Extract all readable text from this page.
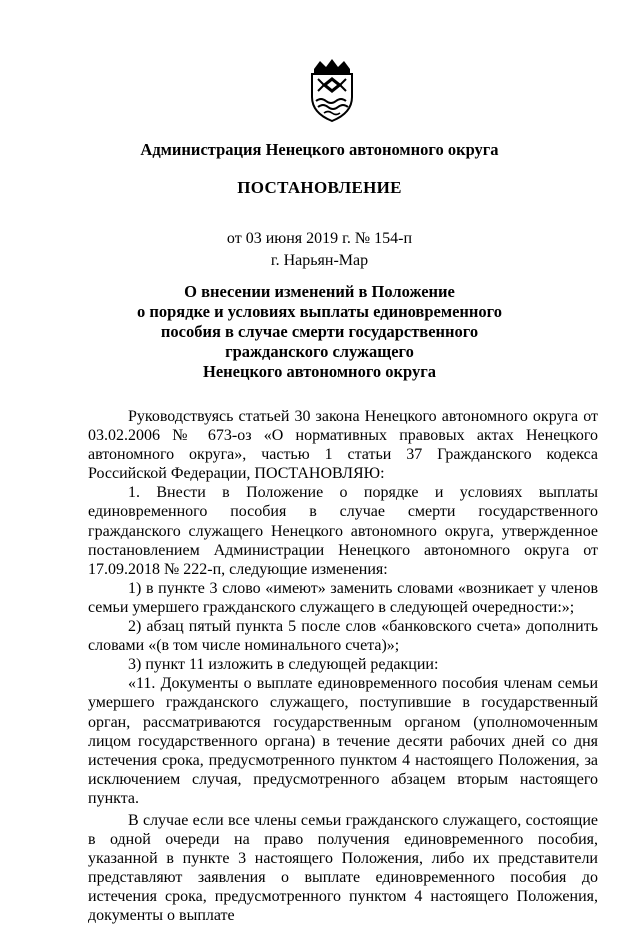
Администрация Ненецкого автономного округа
ПОСТАНОВЛЕНИЕ
от 03 июня 2019 г. № 154-п
г. Нарьян-Мар
О внесении изменений в Положение
о порядке и условиях выплаты единовременного
пособия в случае смерти государственного
гражданского служащего
Ненецкого автономного округа

Руководствуясь статьей 30 закона Ненецкого автономного округа от 03.02.2006 № 673-оз «О нормативных правовых актах Ненецкого автономного округа», частью 1 статьи 37 Гражданского кодекса Российской Федерации, ПОСТАНОВЛЯЮ:

1. Внести в Положение о порядке и условиях выплаты единовременного пособия в случае смерти государственного гражданского служащего Ненецкого автономного округа, утвержденное постановлением Администрации Ненецкого автономного округа от 17.09.2018 № 222-п, следующие изменения:

1) в пункте 3 слово «имеют» заменить словами «возникает у членов семьи умершего гражданского служащего в следующей очередности:»;

2) абзац пятый пункта 5 после слов «банковского счета» дополнить словами «(в том числе номинального счета)»;

3) пункт 11 изложить в следующей редакции:

«11. Документы о выплате единовременного пособия членам семьи умершего гражданского служащего, поступившие в государственный орган, рассматриваются государственным органом (уполномоченным лицом государственного органа) в течение десяти рабочих дней со дня истечения срока, предусмотренного пунктом 4 настоящего Положения, за исключением случая, предусмотренного абзацем вторым настоящего пункта.

В случае если все члены семьи гражданского служащего, состоящие в одной очереди на право получения единовременного пособия, указанной в пункте 3 настоящего Положения, либо их представители представляют заявления о выплате единовременного пособия до истечения срока, предусмотренного пунктом 4 настоящего Положения, документы о выплате
